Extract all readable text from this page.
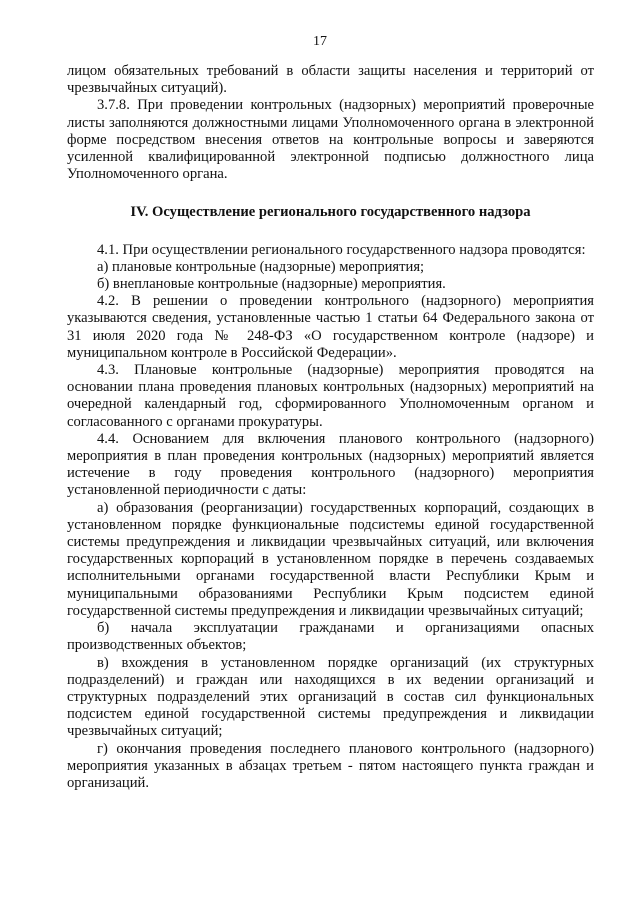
17

лицом обязательных требований в области защиты населения и территорий от чрезвычайных ситуаций).

3.7.8. При проведении контрольных (надзорных) мероприятий проверочные листы заполняются должностными лицами Уполномоченного органа в электронной форме посредством внесения ответов на контрольные вопросы и заверяются усиленной квалифицированной электронной подписью должностного лица Уполномоченного органа.

IV. Осуществление регионального государственного надзора

4.1. При осуществлении регионального государственного надзора проводятся:

а) плановые контрольные (надзорные) мероприятия;

б) внеплановые контрольные (надзорные) мероприятия.

4.2. В решении о проведении контрольного (надзорного) мероприятия указываются сведения, установленные частью 1 статьи 64 Федерального закона от 31 июля 2020 года № 248-ФЗ «О государственном контроле (надзоре) и муниципальном контроле в Российской Федерации».

4.3. Плановые контрольные (надзорные) мероприятия проводятся на основании плана проведения плановых контрольных (надзорных) мероприятий на очередной календарный год, сформированного Уполномоченным органом и согласованного с органами прокуратуры.

4.4. Основанием для включения планового контрольного (надзорного) мероприятия в план проведения контрольных (надзорных) мероприятий является истечение в году проведения контрольного (надзорного) мероприятия установленной периодичности с даты:

а) образования (реорганизации) государственных корпораций, создающих в установленном порядке функциональные подсистемы единой государственной системы предупреждения и ликвидации чрезвычайных ситуаций, или включения государственных корпораций в установленном порядке в перечень создаваемых исполнительными органами государственной власти Республики Крым и муниципальными образованиями Республики Крым подсистем единой государственной системы предупреждения и ликвидации чрезвычайных ситуаций;

б) начала эксплуатации гражданами и организациями опасных производственных объектов;

в) вхождения в установленном порядке организаций (их структурных подразделений) и граждан или находящихся в их ведении организаций и структурных подразделений этих организаций в состав сил функциональных подсистем единой государственной системы предупреждения и ликвидации чрезвычайных ситуаций;

г) окончания проведения последнего планового контрольного (надзорного) мероприятия указанных в абзацах третьем - пятом настоящего пункта граждан и организаций.
